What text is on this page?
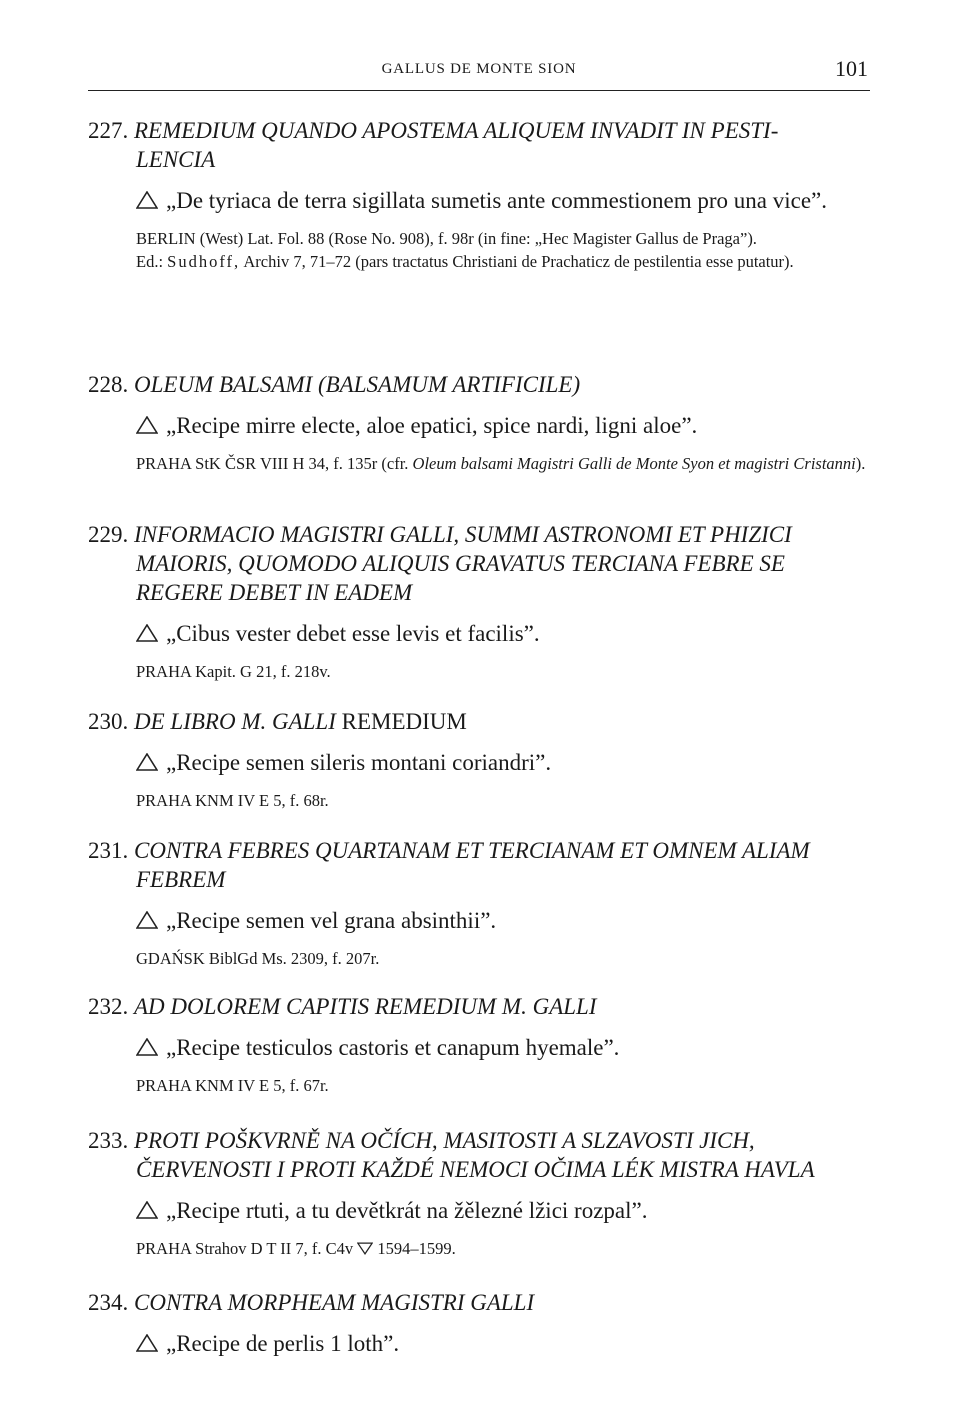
GALLUS DE MONTE SION	101

227. REMEDIUM QUANDO APOSTEMA ALIQUEM INVADIT IN PESTI-
LENCIA

„De tyriaca de terra sigillata sumetis ante commestionem pro una vice”.

BERLIN (West) Lat. Fol. 88 (Rose No. 908), f. 98r (in fine: „Hec Magister Gallus de Praga”).

Ed.: Sudhoff, Archiv 7, 71–72 (pars tractatus Christiani de Prachaticz de pestilentia esse putatur).

228. OLEUM BALSAMI (BALSAMUM ARTIFICILE)

„Recipe mirre electe, aloe epatici, spice nardi, ligni aloe”.

PRAHA StK ČSR VIII H 34, f. 135r (cfr. Oleum balsami Magistri Galli de Monte Syon et magistri Cristanni).

229. INFORMACIO MAGISTRI GALLI, SUMMI ASTRONOMI ET PHIZICI
MAIORIS, QUOMODO ALIQUIS GRAVATUS TERCIANA FEBRE SE
REGERE DEBET IN EADEM

„Cibus vester debet esse levis et facilis”.

PRAHA Kapit. G 21, f. 218v.

230. DE LIBRO M. GALLI REMEDIUM

„Recipe semen sileris montani coriandri”.

PRAHA KNM IV E 5, f. 68r.

231. CONTRA FEBRES QUARTANAM ET TERCIANAM ET OMNEM ALIAM
FEBREM

„Recipe semen vel grana absinthii”.

GDAŃSK BiblGd Ms. 2309, f. 207r.

232. AD DOLOREM CAPITIS REMEDIUM M. GALLI

„Recipe testiculos castoris et canapum hyemale”.

PRAHA KNM IV E 5, f. 67r.

233. PROTI POŠKVRNĚ NA OČÍCH, MASITOSTI A SLZAVOSTI JICH,
ČERVENOSTI I PROTI KAŽDÉ NEMOCI OČIMA LÉK MISTRA HAVLA

„Recipe rtuti, a tu devětkrát na žělezné lžici rozpal”.

PRAHA Strahov D T II 7, f. C4v 1594–1599.

234. CONTRA MORPHEAM MAGISTRI GALLI

„Recipe de perlis 1 loth”.
